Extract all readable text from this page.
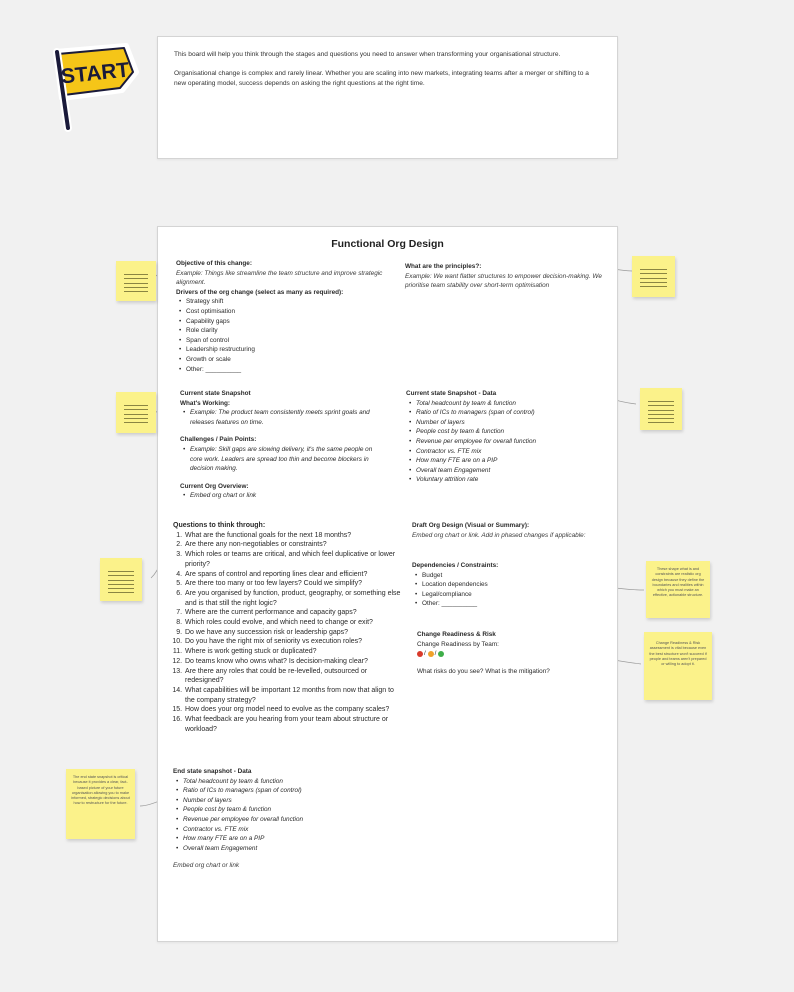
START

This board will help you think through the stages and questions you need to answer when transforming your organisational structure.

Organisational change is complex and rarely linear. Whether you are scaling into new markets, integrating teams after a merger or shifting to a new operating model, success depends on asking the right questions at the right time.

Functional Org Design
Objective of this change:
Example: Things like streamline the team structure and improve strategic alignment.
Drivers of the org change (select as many as required):
• Strategy shift
• Cost optimisation
• Capability gaps
• Role clarity
• Span of control
• Leadership restructuring
• Growth or scale
• Other: __________
What are the principles?:
Example: We want flatter structures to empower decision-making. We prioritise team stability over short-term optimisation
Current state Snapshot
What's Working:
• Example: The product team consistently meets sprint goals and releases features on time.
Challenges / Pain Points:
• Example: Skill gaps are slowing delivery, it's the same people on core work. Leaders are spread too thin and become blockers in decision making.
Current Org Overview:
• Embed org chart or link
Current state Snapshot - Data
• Total headcount by team & function
• Ratio of ICs to managers (span of control)
• Number of layers
• People cost by team & function
• Revenue per employee for overall function
• Contractor vs. FTE mix
• How many FTE are on a PIP
• Overall team Engagement
• Voluntary attrition rate
Questions to think through:
1. What are the functional goals for the next 18 months?
2. Are there any non-negotiables or constraints?
3. Which roles or teams are critical, and which feel duplicative or lower priority?
4. Are spans of control and reporting lines clear and efficient?
5. Are there too many or too few layers? Could we simplify?
6. Are you organised by function, product, geography, or something else and is that still the right logic?
7. Where are the current performance and capacity gaps?
8. Which roles could evolve, and which need to change or exit?
9. Do we have any succession risk or leadership gaps?
10. Do you have the right mix of seniority vs execution roles?
11. Where is work getting stuck or duplicated?
12. Do teams know who owns what? Is decision-making clear?
13. Are there any roles that could be re-levelled, outsourced or redesigned?
14. What capabilities will be important 12 months from now that align to the company strategy?
15. How does your org model need to evolve as the company scales?
16. What feedback are you hearing from your team about structure or workload?
Draft Org Design (Visual or Summary):
Embed org chart or link. Add in phased changes if applicable:
Dependencies / Constraints:
• Budget
• Location dependencies
• Legal/compliance
• Other: __________
Change Readiness & Risk
Change Readiness by Team:
/ /
What risks do you see? What is the mitigation?
End state snapshot - Data
• Total headcount by team & function
• Ratio of ICs to managers (span of control)
• Number of layers
• People cost by team & function
• Revenue per employee for overall function
• Contractor vs. FTE mix
• How many FTE are on a PIP
• Overall team Engagement
Embed org chart or link
These shape what is and constraints are realistic org design because they define the boundaries and realities within which you must make an effective, actionable structure.
Change Readiness & Risk assessment is vital because even the best structure won't succeed if people and teams aren't prepared or willing to adopt it.
The end state snapshot is critical because it provides a clear, fact-based picture of your future organisation allowing you to make informed, strategic decisions about how to restructure for the future.
